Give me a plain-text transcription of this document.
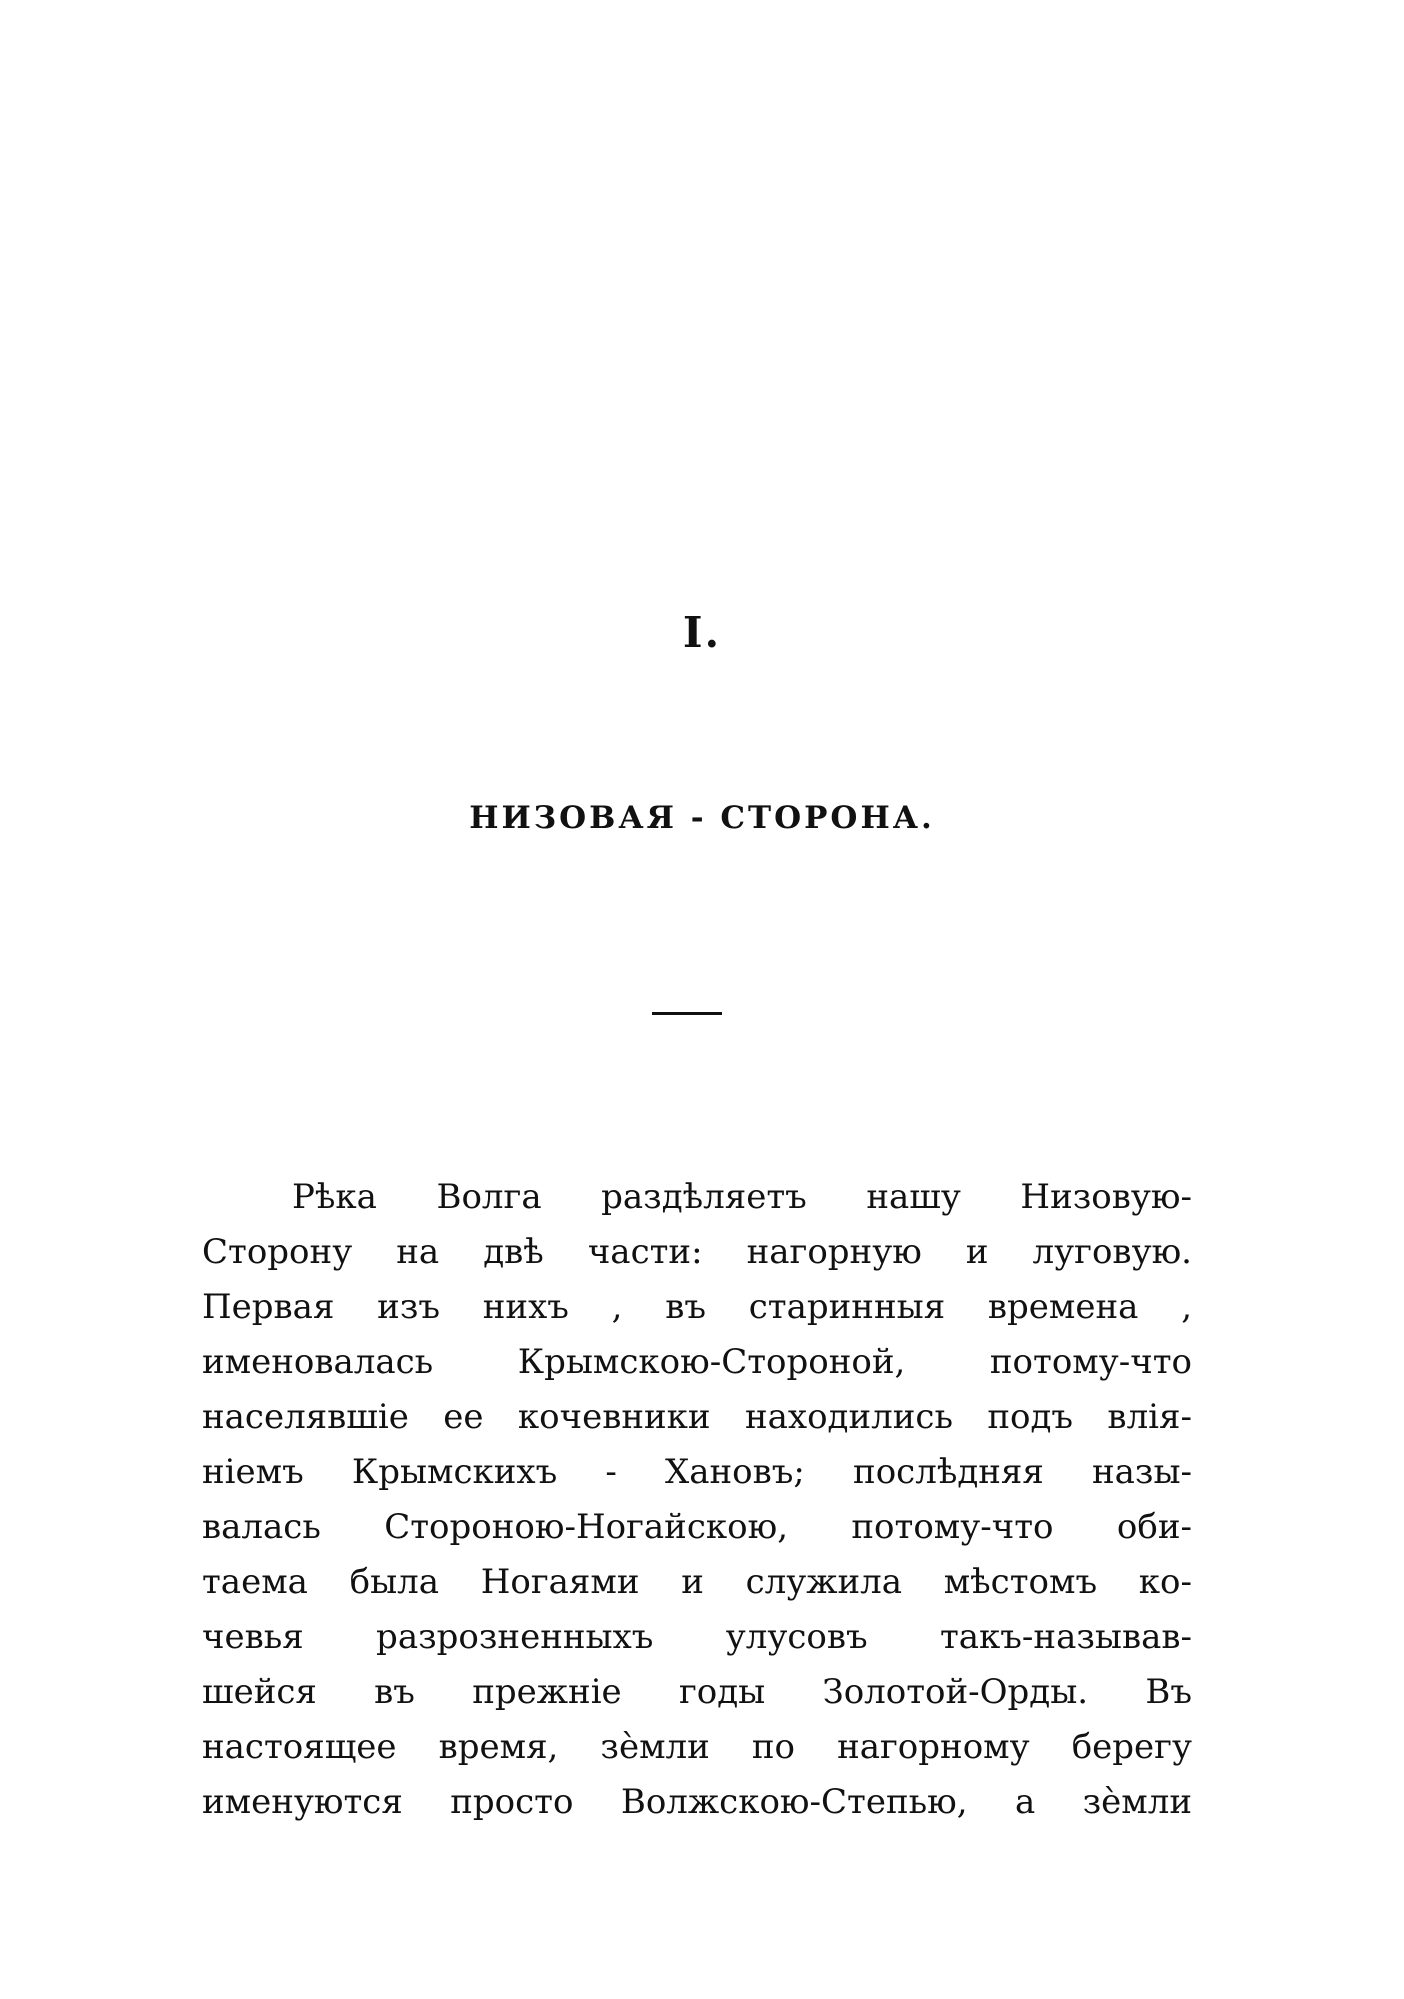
I.
НИЗОВАЯ - СТОРОНА.
Рѣка Волга раздѣляетъ нашу Низовую-
Сторону на двѣ части: нагорную и луговую.
Первая изъ нихъ , въ старинныя времена ,
именовалась Крымскою-Стороной, потому-что
населявшіе ее кочевники находились подъ влія-
ніемъ Крымскихъ - Хановъ; послѣдняя назы-
валась Стороною-Ногайскою, потому-что оби-
таема была Ногаями и служила мѣстомъ ко-
чевья разрозненныхъ улусовъ такъ-называв-
шейся въ прежніе годы Золотой-Орды. Въ
настоящее время, зèмли по нагорному берегу
именуются просто Волжскою-Степью, а зèмли
